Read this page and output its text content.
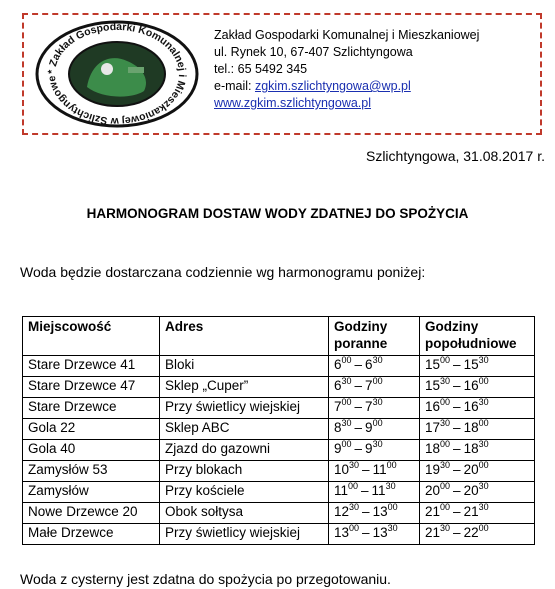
* Zakład Gospodarki Komunalnej i Mieszkaniowej w Szlichtyngowe
Zakład Gospodarki Komunalnej i Mieszkaniowej
ul. Rynek 10, 67-407 Szlichtyngowa
tel.: 65 5492 345
e-mail: zgkim.szlichtyngowa@wp.pl
www.zgkim.szlichtyngowa.pl
Szlichtyngowa, 31.08.2017 r.
HARMONOGRAM DOSTAW WODY ZDATNEJ DO SPOŻYCIA
Woda będzie dostarczana codziennie wg harmonogramu poniżej:
Miejscowość	Adres	Godziny poranne	Godziny popołudniowe
Stare Drzewce 41	Bloki	$6^{00} - 6^{30}$	$15^{00} - 15^{30}$
Stare Drzewce 47	Sklep „Cuper”	$6^{30} - 7^{00}$	$15^{30} - 16^{00}$
Stare Drzewce	Przy świetlicy wiejskiej	$7^{00} - 7^{30}$	$16^{00} - 16^{30}$
Gola 22	Sklep ABC	$8^{30} - 9^{00}$	$17^{30} - 18^{00}$
Gola 40	Zjazd do gazowni	$9^{00} - 9^{30}$	$18^{00} - 18^{30}$
Zamysłów 53	Przy blokach	$10^{30} - 11^{00}$	$19^{30} - 20^{00}$
Zamysłów	Przy kościele	$11^{00} - 11^{30}$	$20^{00} - 20^{30}$
Nowe Drzewce 20	Obok sołtysa	$12^{30} - 13^{00}$	$21^{00} - 21^{30}$
Małe Drzewce	Przy świetlicy wiejskiej	$13^{00} - 13^{30}$	$21^{30} - 22^{00}$
Woda z cysterny jest zdatna do spożycia po przegotowaniu.
